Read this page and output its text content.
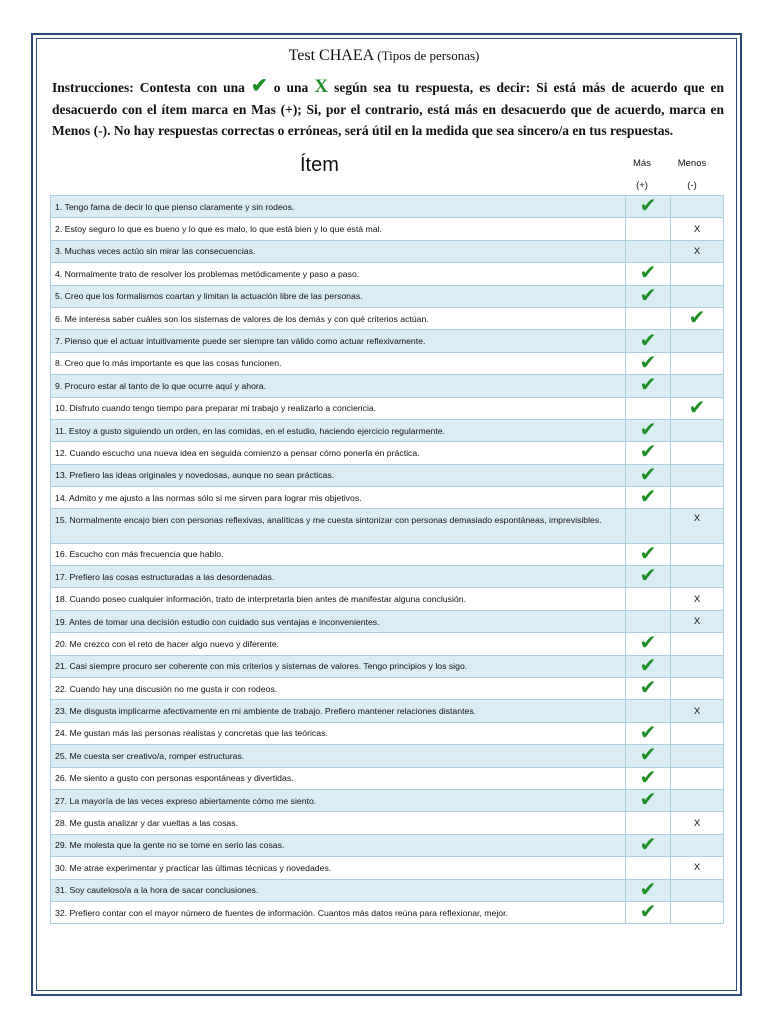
Test CHAEA (Tipos de personas)
Instrucciones: Contesta con una ✔ o una X según sea tu respuesta, es decir: Si está más de acuerdo que en desacuerdo con el ítem marca en Mas (+); Si, por el contrario, está más en desacuerdo que de acuerdo, marca en Menos (-). No hay respuestas correctas o erróneas, será útil en la medida que sea sincero/a en tus respuestas.
Ítem	Más
(+)
Menos
(-)
1. Tengo fama de decir lo que pienso claramente y sin rodeos.	✔	
2. Estoy seguro lo que es bueno y lo que es malo, lo que está bien y lo que está mal.		X
3. Muchas veces actúo sin mirar las consecuencias.		X
4. Normalmente trato de resolver los problemas metódicamente y paso a paso.	✔	
5. Creo que los formalismos coartan y limitan la actuación libre de las personas.	✔	
6. Me interesa saber cuáles son los sistemas de valores de los demás y con qué criterios actúan.		✔
7. Pienso que el actuar intuitivamente puede ser siempre tan válido como actuar reflexivamente.	✔	
8. Creo que lo más importante es que las cosas funcionen.	✔	
9. Procuro estar al tanto de lo que ocurre aquí y ahora.	✔	
10. Disfruto cuando tengo tiempo para preparar mi trabajo y realizarlo a conciencia.		✔
11. Estoy a gusto siguiendo un orden, en las comidas, en el estudio, haciendo ejercicio regularmente.	✔	
12. Cuando escucho una nueva idea en seguida comienzo a pensar cómo ponerla en práctica.	✔	
13. Prefiero las ideas originales y novedosas, aunque no sean prácticas.	✔	
14. Admito y me ajusto a las normas sólo si me sirven para lograr mis objetivos.	✔	
15. Normalmente encajo bien con personas reflexivas, analíticas y me cuesta sintonizar con personas demasiado espontáneas, imprevisibles.		X
16. Escucho con más frecuencia que hablo.	✔	
17. Prefiero las cosas estructuradas a las desordenadas.	✔	
18. Cuando poseo cualquier información, trato de interpretarla bien antes de manifestar alguna conclusión.		X
19. Antes de tomar una decisión estudio con cuidado sus ventajas e inconvenientes.		X
20. Me crezco con el reto de hacer algo nuevo y diferente.	✔	
21. Casi siempre procuro ser coherente con mis criterios y sistemas de valores. Tengo principios y los sigo.	✔	
22. Cuando hay una discusión no me gusta ir con rodeos.	✔	
23. Me disgusta implicarme afectivamente en mi ambiente de trabajo. Prefiero mantener relaciones distantes.		X
24. Me gustan más las personas realistas y concretas que las teóricas.	✔	
25. Me cuesta ser creativo/a, romper estructuras.	✔	
26. Me siento a gusto con personas espontáneas y divertidas.	✔	
27. La mayoría de las veces expreso abiertamente cómo me siento.	✔	
28. Me gusta analizar y dar vueltas a las cosas.		X
29. Me molesta que la gente no se tome en serio las cosas.	✔	
30. Me atrae experimentar y practicar las últimas técnicas y novedades.		X
31. Soy cauteloso/a a la hora de sacar conclusiones.	✔	
32. Prefiero contar con el mayor número de fuentes de información. Cuantos más datos reúna para reflexionar, mejor.	✔	
